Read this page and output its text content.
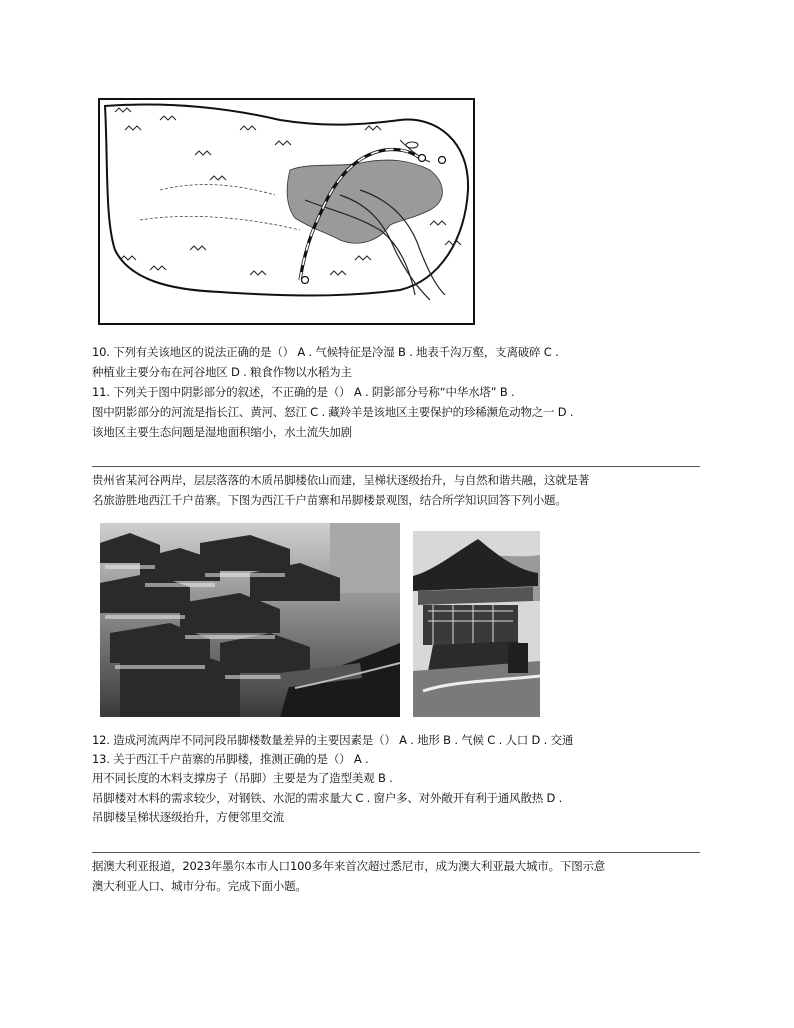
10. 下列有关该地区的说法正确的是（） A . 气候特征是冷湿 B . 地表千沟万壑，支离破碎 C .
种植业主要分布在河谷地区 D . 粮食作物以水稻为主
11. 下列关于图中阴影部分的叙述，不正确的是（） A . 阴影部分号称“中华水塔” B .
图中阴影部分的河流是指长江、黄河、怒江 C . 藏羚羊是该地区主要保护的珍稀濒危动物之一 D .
该地区主要生态问题是湿地面积缩小，水土流失加剧
贵州省某河谷两岸，层层落落的木质吊脚楼依山而建，呈梯状逐级抬升，与自然和谐共融，这就是著
名旅游胜地西江千户苗寨。下图为西江千户苗寨和吊脚楼景观图，结合所学知识回答下列小题。
12. 造成河流两岸不同河段吊脚楼数量差异的主要因素是（） A . 地形 B . 气候 C . 人口 D . 交通
13. 关于西江千户苗寨的吊脚楼，推测正确的是（） A .
用不同长度的木料支撑房子（吊脚）主要是为了造型美观 B .
吊脚楼对木料的需求较少，对钢铁、水泥的需求量大 C . 窗户多、对外敞开有利于通风散热 D .
吊脚楼呈梯状逐级抬升，方便邻里交流
据澳大利亚报道，2023年墨尔本市人口100多年来首次超过悉尼市，成为澳大利亚最大城市。下图示意
澳大利亚人口、城市分布。完成下面小题。
